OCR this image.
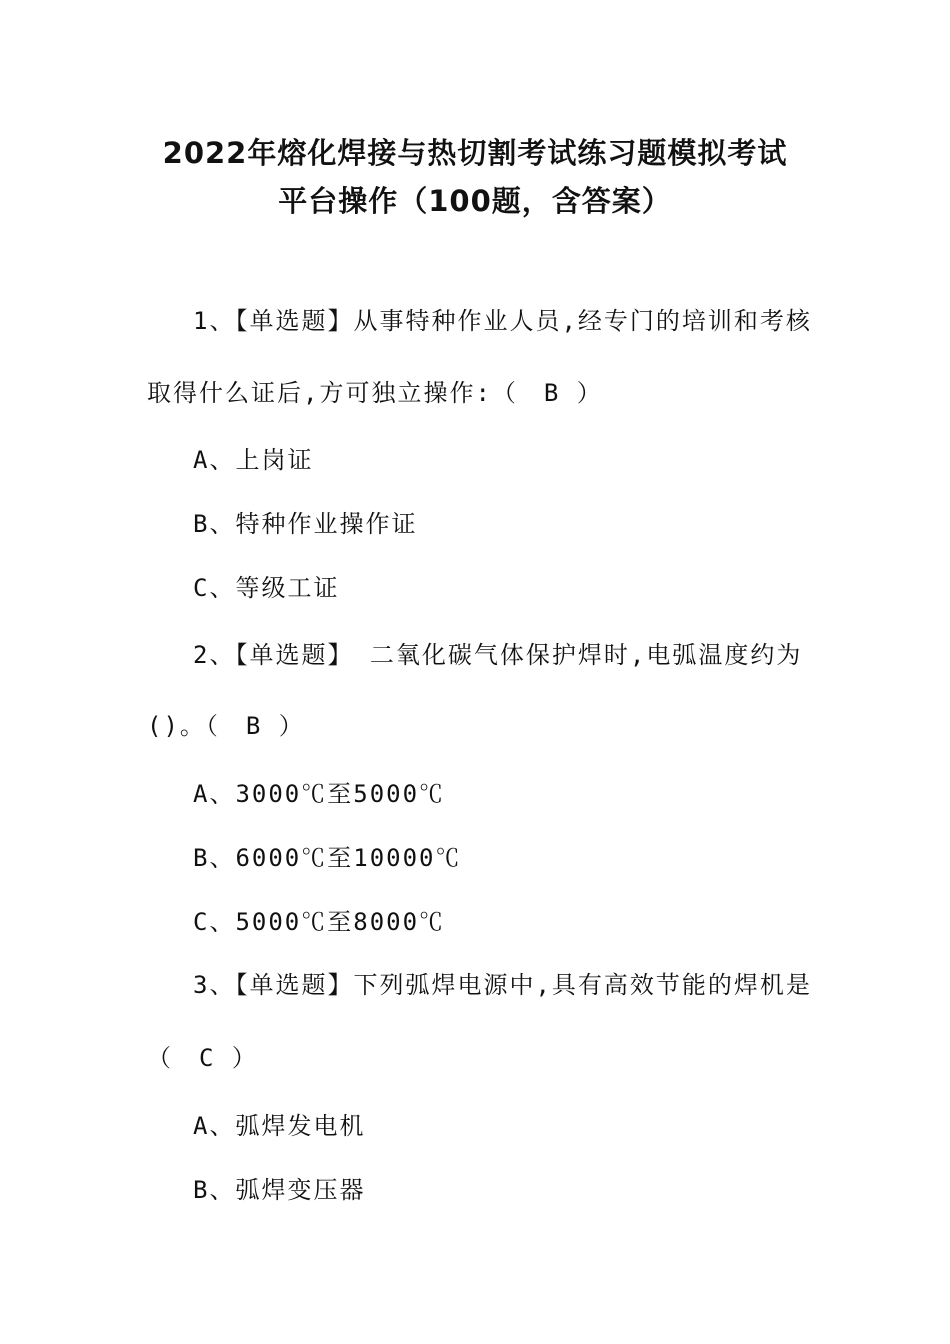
2022年熔化焊接与热切割考试练习题模拟考试
平台操作（100题，含答案）
1、【单选题】从事特种作业人员,经专门的培训和考核
取得什么证后,方可独立操作:（　B ）
A、上岗证
B、特种作业操作证
C、等级工证
2、【单选题】 二氧化碳气体保护焊时,电弧温度约为
()。（　B ）
A、3000℃至5000℃
B、6000℃至10000℃
C、5000℃至8000℃
3、【单选题】下列弧焊电源中,具有高效节能的焊机是
（　C ）
A、弧焊发电机
B、弧焊变压器
